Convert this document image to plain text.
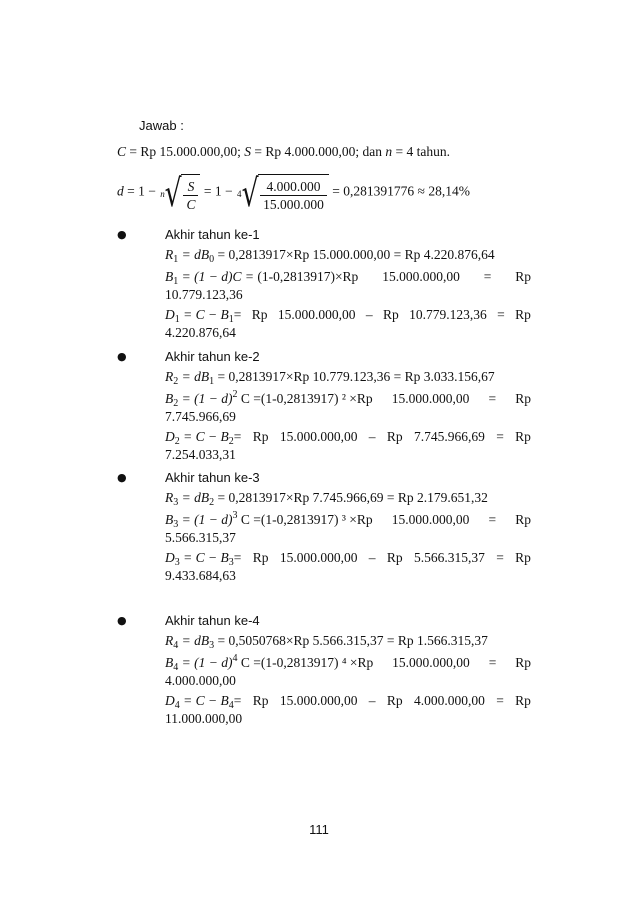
Jawab :
C = Rp 15.000.000,00; S = Rp 4.000.000,00; dan n = 4 tahun.
d = 1 − n √ $\frac{S}{C} = 1 - 4$ √ $\frac{4.000.000}{15.000.000} = 0,281391776 \approx 28,14\%$
●	Akhir tahun ke-1
$R_1 = dB_0 = 0,2813917\times Rp$ 15.000.000,00 = Rp 4.220.876,64
$B_1 = (1 - d)C = (1-0,2813917)\times Rp$ 15.000.000,00 = Rp
10.779.123,36
$D_1 = C - B_1= Rp$ 15.000.000,00 – Rp 10.779.123,36 = Rp
4.220.876,64
●	Akhir tahun ke-2
$R_2 = dB_1 = 0,2813917\times Rp$ 10.779.123,36 = Rp 3.033.156,67
$B_2 = (1 - d)^2$ C =(1-0,2813917) ² ×Rp 15.000.000,00 = Rp
7.745.966,69
$D_2 = C - B_2= Rp$ 15.000.000,00 – Rp 7.745.966,69 = Rp
7.254.033,31
●	Akhir tahun ke-3
$R_3 = dB_2 = 0,2813917\times Rp$ 7.745.966,69 = Rp 2.179.651,32
$B_3 = (1 - d)^3$ C =(1-0,2813917) ³ ×Rp 15.000.000,00 = Rp
5.566.315,37
$D_3 = C - B_3= Rp$ 15.000.000,00 – Rp 5.566.315,37 = Rp
9.433.684,63
●	Akhir tahun ke-4
$R_4 = dB_3 = 0,5050768\times Rp$ 5.566.315,37 = Rp 1.566.315,37
$B_4 = (1 - d)^4$ C =(1-0,2813917) ⁴ ×Rp 15.000.000,00 = Rp
4.000.000,00
$D_4 = C - B_4= Rp$ 15.000.000,00 – Rp 4.000.000,00 = Rp
11.000.000,00
111
